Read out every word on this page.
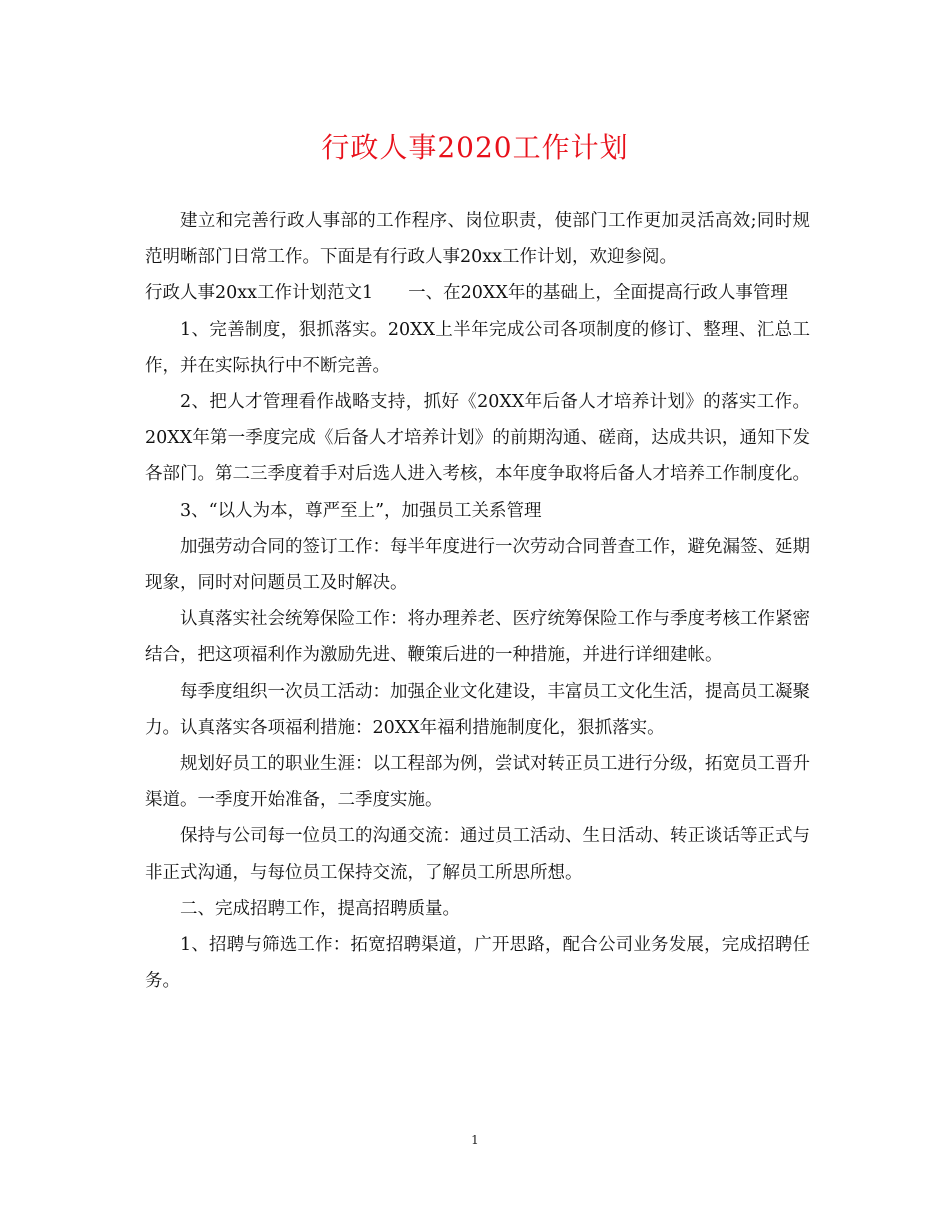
行政人事2020工作计划

建立和完善行政人事部的工作程序、岗位职责，使部门工作更加灵活高效;同时规范明晰部门日常工作。下面是有行政人事20xx工作计划，欢迎参阅。

行政人事20xx工作计划范文1　　一、在20XX年的基础上，全面提高行政人事管理

1、完善制度，狠抓落实。20XX上半年完成公司各项制度的修订、整理、汇总工作，并在实际执行中不断完善。

2、把人才管理看作战略支持，抓好《20XX年后备人才培养计划》的落实工作。20XX年第一季度完成《后备人才培养计划》的前期沟通、磋商，达成共识，通知下发各部门。第二三季度着手对后选人进入考核，本年度争取将后备人才培养工作制度化。

3、“以人为本，尊严至上”，加强员工关系管理

加强劳动合同的签订工作：每半年度进行一次劳动合同普查工作，避免漏签、延期现象，同时对问题员工及时解决。

认真落实社会统筹保险工作：将办理养老、医疗统筹保险工作与季度考核工作紧密结合，把这项福利作为激励先进、鞭策后进的一种措施，并进行详细建帐。

每季度组织一次员工活动：加强企业文化建设，丰富员工文化生活，提高员工凝聚力。认真落实各项福利措施：20XX年福利措施制度化，狠抓落实。

规划好员工的职业生涯：以工程部为例，尝试对转正员工进行分级，拓宽员工晋升渠道。一季度开始准备，二季度实施。

保持与公司每一位员工的沟通交流：通过员工活动、生日活动、转正谈话等正式与非正式沟通，与每位员工保持交流，了解员工所思所想。

二、完成招聘工作，提高招聘质量。

1、招聘与筛选工作：拓宽招聘渠道，广开思路，配合公司业务发展，完成招聘任务。

1
